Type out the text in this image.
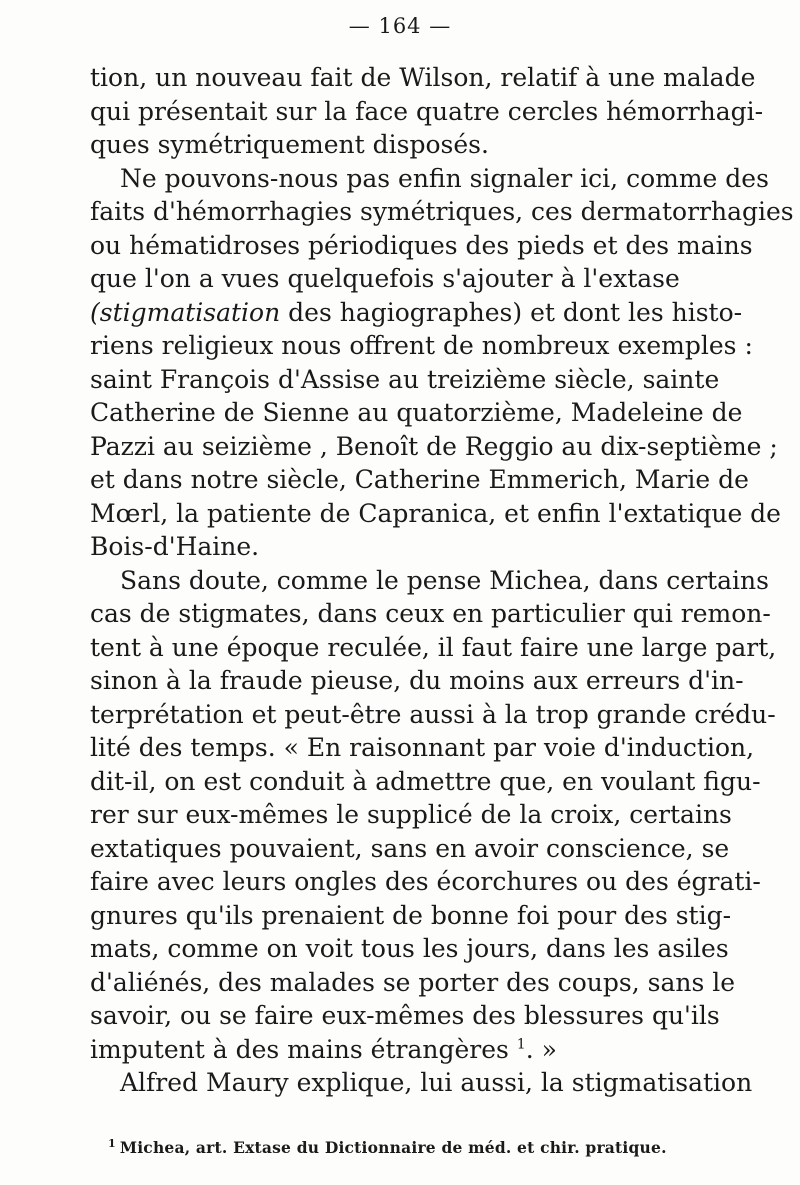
— 164 —
tion, un nouveau fait de Wilson, relatif à une malade
qui présentait sur la face quatre cercles hémorrhagi-
ques symétriquement disposés.
Ne pouvons-nous pas enfin signaler ici, comme des
faits d'hémorrhagies symétriques, ces dermatorrhagies
ou hématidroses périodiques des pieds et des mains
que l'on a vues quelquefois s'ajouter à l'extase
(stigmatisation des hagiographes) et dont les histo-
riens religieux nous offrent de nombreux exemples :
saint François d'Assise au treizième siècle, sainte
Catherine de Sienne au quatorzième, Madeleine de
Pazzi au seizième , Benoît de Reggio au dix-septième ;
et dans notre siècle, Catherine Emmerich, Marie de
Mœrl, la patiente de Capranica, et enfin l'extatique de
Bois-d'Haine.
Sans doute, comme le pense Michea, dans certains
cas de stigmates, dans ceux en particulier qui remon-
tent à une époque reculée, il faut faire une large part,
sinon à la fraude pieuse, du moins aux erreurs d'in-
terprétation et peut-être aussi à la trop grande crédu-
lité des temps. « En raisonnant par voie d'induction,
dit-il, on est conduit à admettre que, en voulant figu-
rer sur eux-mêmes le supplicé de la croix, certains
extatiques pouvaient, sans en avoir conscience, se
faire avec leurs ongles des écorchures ou des égrati-
gnures qu'ils prenaient de bonne foi pour des stig-
mats, comme on voit tous les jours, dans les asiles
d'aliénés, des malades se porter des coups, sans le
savoir, ou se faire eux-mêmes des blessures qu'ils
imputent à des mains étrangères $^1$. »
Alfred Maury explique, lui aussi, la stigmatisation
$^1$ Michea, art. Extase du Dictionnaire de méd. et chir. pratique.
